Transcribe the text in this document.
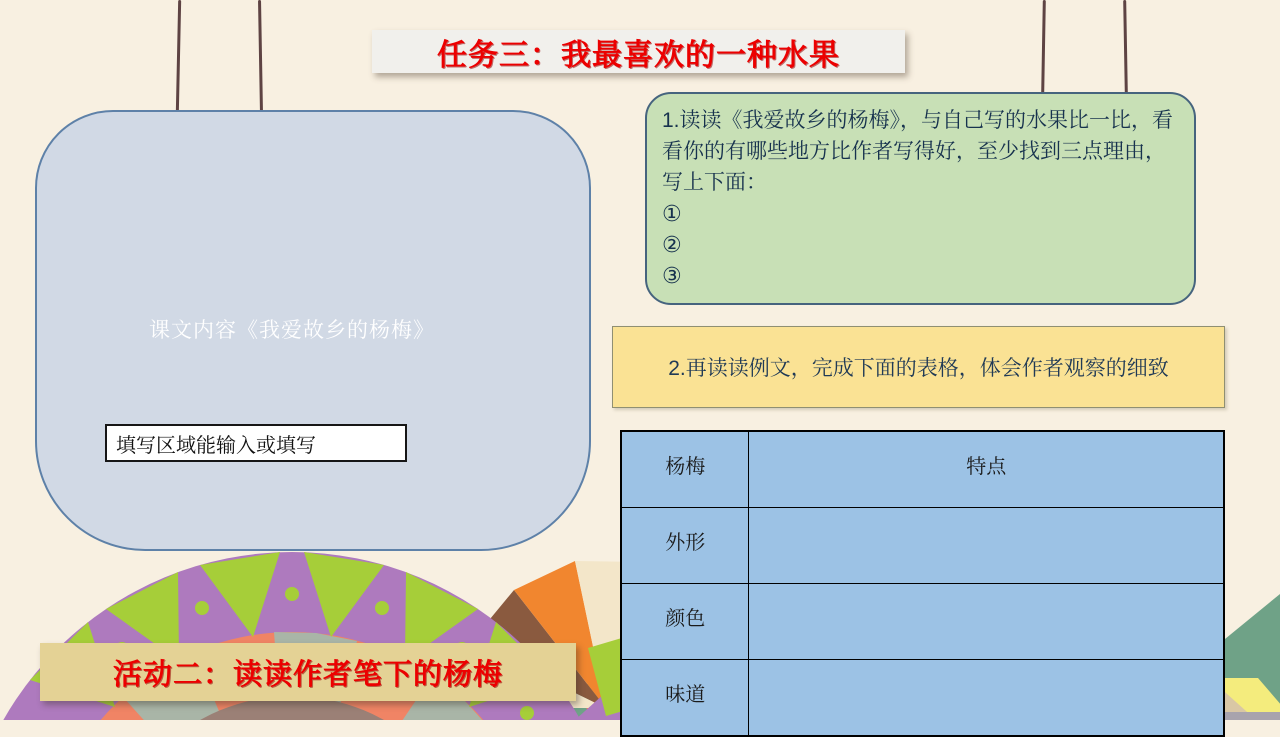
任务三：我最喜欢的一种水果
课文内容《我爱故乡的杨梅》
填写区域能输入或填写
1.读读《我爱故乡的杨梅》，与自己写的水果比一比，看看你的有哪些地方比作者写得好，至少找到三点理由，写上下面：
①
②
③
2.再读读例文，完成下面的表格，体会作者观察的细致
杨梅	特点
外形	
颜色	
味道	
活动二：读读作者笔下的杨梅
